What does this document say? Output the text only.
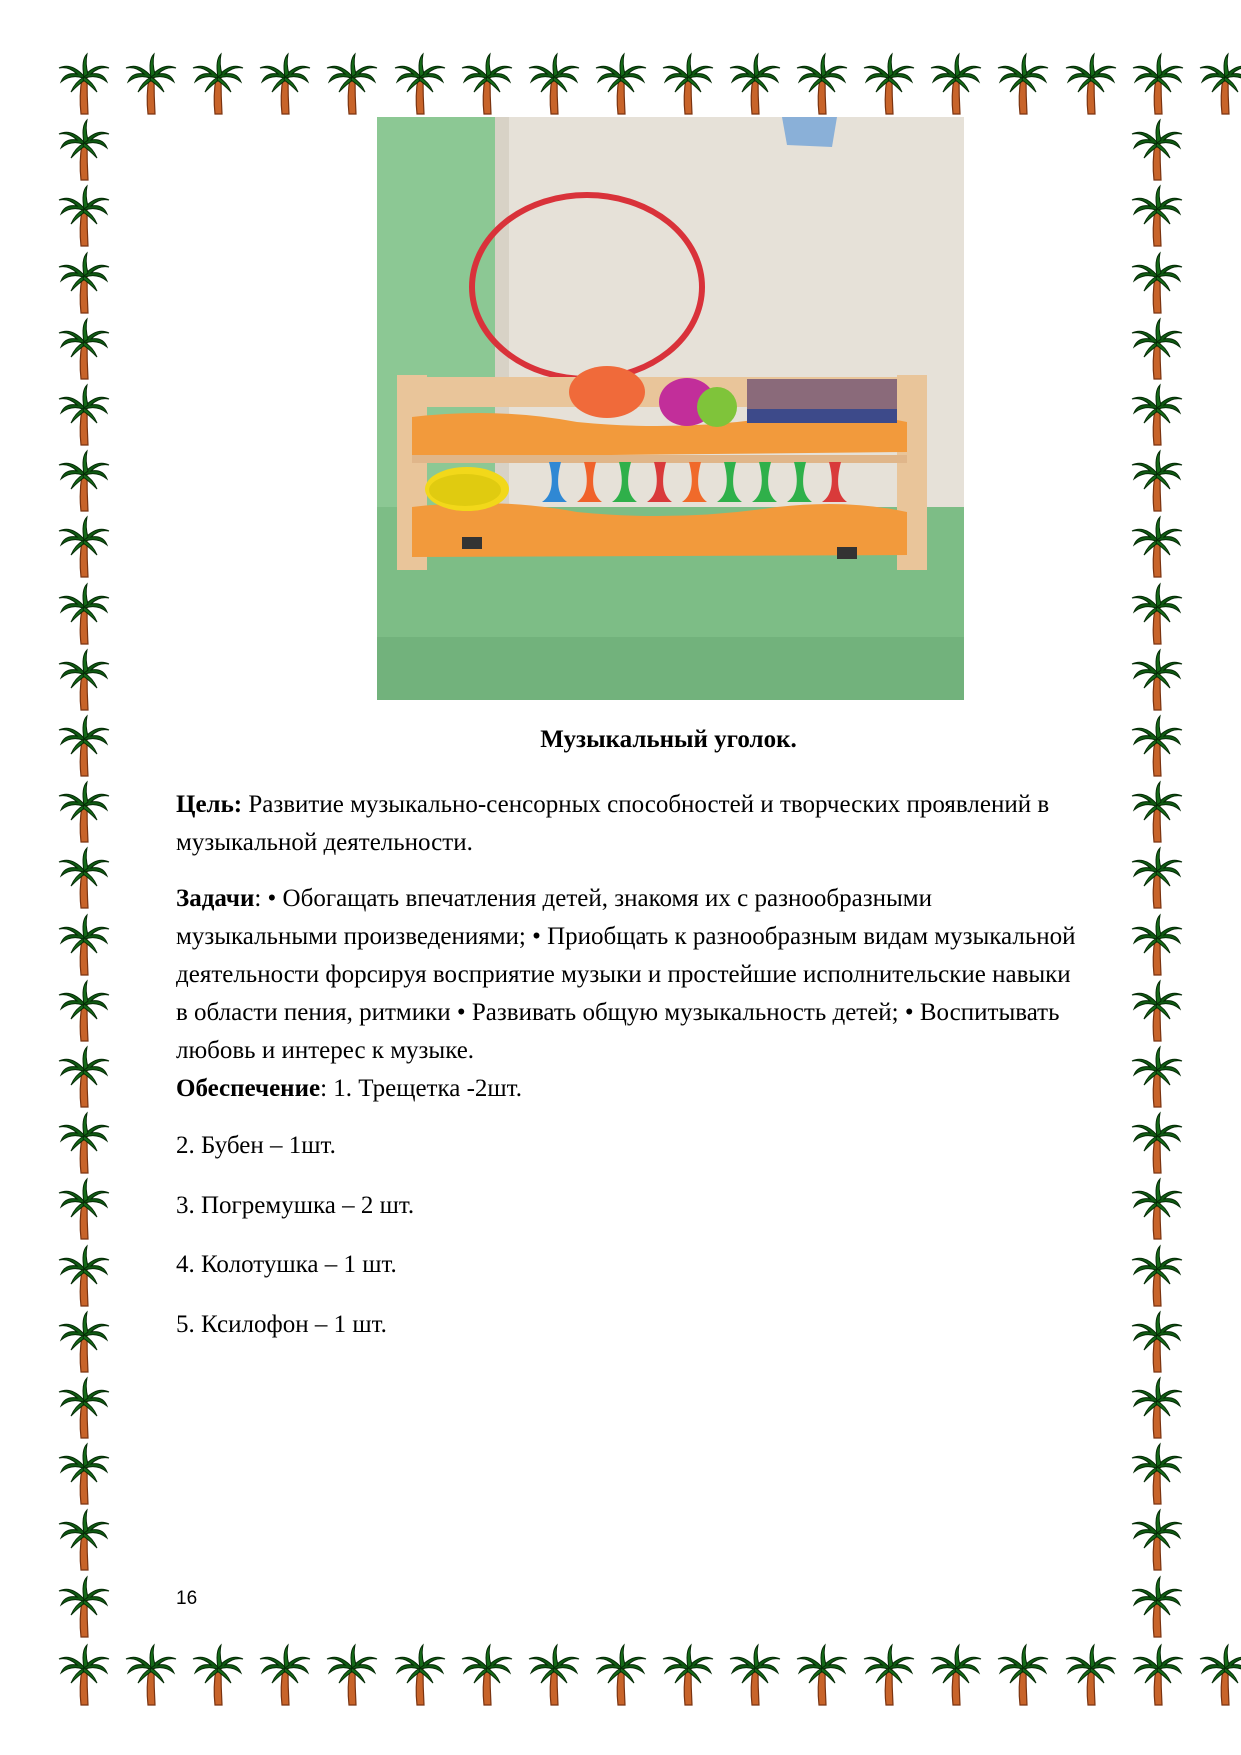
Музыкальный уголок.

Цель: Развитие музыкально-сенсорных способностей и творческих проявлений в музыкальной деятельности.

Задачи: • Обогащать впечатления детей, знакомя их с разнообразными музыкальными произведениями; • Приобщать к разнообразным видам музыкальной деятельности форсируя восприятие музыки и простейшие исполнительские навыки в области пения, ритмики • Развивать общую музыкальность детей; • Воспитывать любовь и интерес к музыке.
Обеспечение: 1. Трещетка -2шт.

2. Бубен – 1шт.
3. Погремушка – 2 шт.
4. Колотушка – 1 шт.
5. Ксилофон – 1 шт.
16
